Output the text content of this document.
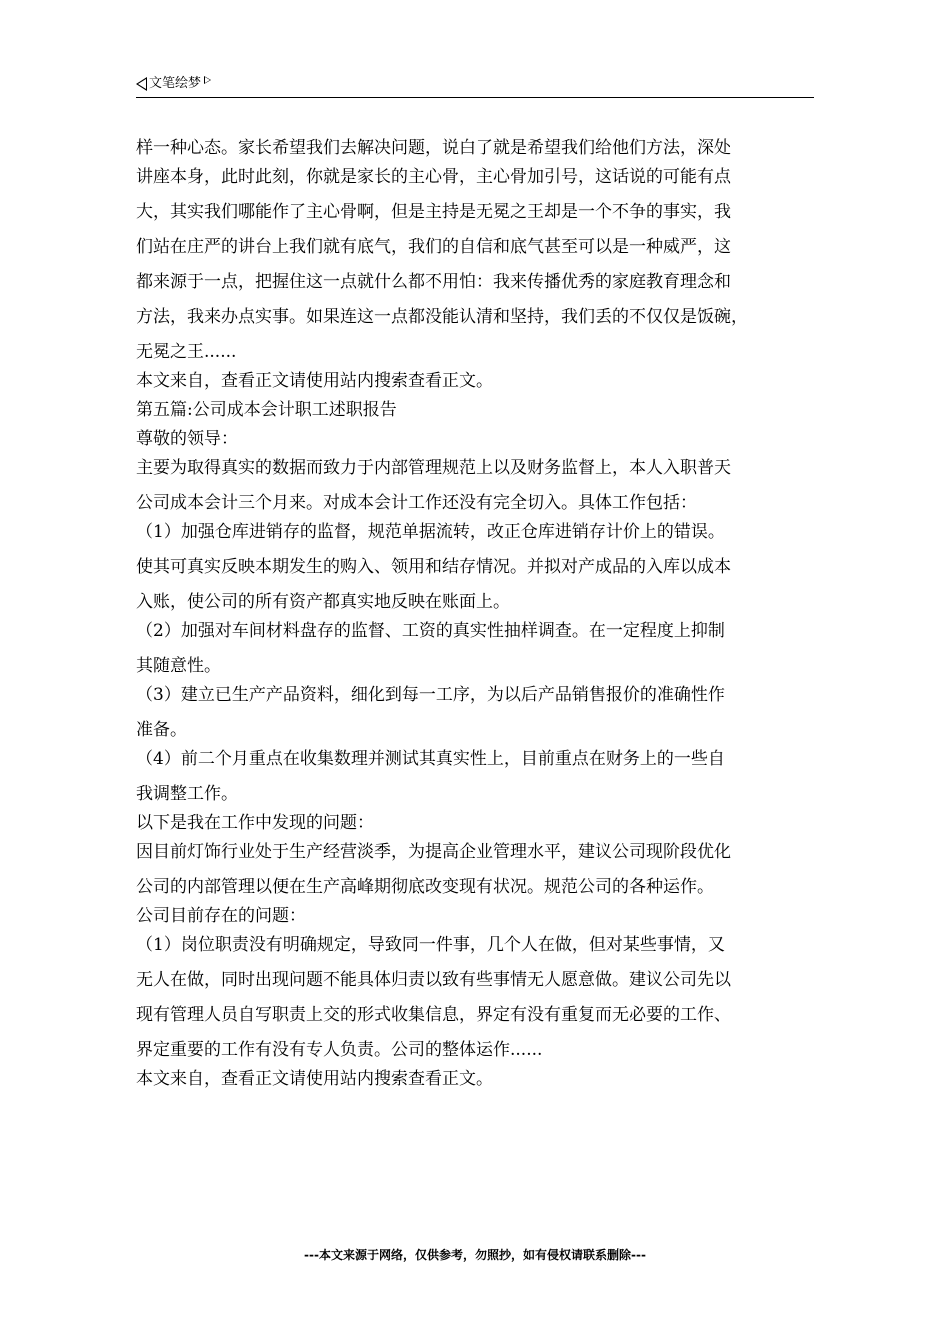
文笔绘梦
样一种心态。家长希望我们去解决问题，说白了就是希望我们给他们方法，深处
讲座本身，此时此刻，你就是家长的主心骨，主心骨加引号，这话说的可能有点
大，其实我们哪能作了主心骨啊，但是主持是无冕之王却是一个不争的事实，我
们站在庄严的讲台上我们就有底气，我们的自信和底气甚至可以是一种威严，这
都来源于一点，把握住这一点就什么都不用怕：我来传播优秀的家庭教育理念和
方法，我来办点实事。如果连这一点都没能认清和坚持，我们丢的不仅仅是饭碗，
无冕之王......
本文来自，查看正文请使用站内搜索查看正文。
第五篇:公司成本会计职工述职报告
尊敬的领导：
主要为取得真实的数据而致力于内部管理规范上以及财务监督上，本人入职普天
公司成本会计三个月来。对成本会计工作还没有完全切入。具体工作包括：
（1）加强仓库进销存的监督，规范单据流转，改正仓库进销存计价上的错误。
使其可真实反映本期发生的购入、领用和结存情况。并拟对产成品的入库以成本
入账，使公司的所有资产都真实地反映在账面上。
（2）加强对车间材料盘存的监督、工资的真实性抽样调查。在一定程度上抑制
其随意性。
（3）建立已生产产品资料，细化到每一工序，为以后产品销售报价的准确性作
准备。
（4）前二个月重点在收集数理并测试其真实性上，目前重点在财务上的一些自
我调整工作。
以下是我在工作中发现的问题：
因目前灯饰行业处于生产经营淡季，为提高企业管理水平，建议公司现阶段优化
公司的内部管理以便在生产高峰期彻底改变现有状况。规范公司的各种运作。
公司目前存在的问题：
（1）岗位职责没有明确规定，导致同一件事，几个人在做，但对某些事情，又
无人在做，同时出现问题不能具体归责以致有些事情无人愿意做。建议公司先以
现有管理人员自写职责上交的形式收集信息，界定有没有重复而无必要的工作、
界定重要的工作有没有专人负责。公司的整体运作......
本文来自，查看正文请使用站内搜索查看正文。
---本文来源于网络，仅供参考，勿照抄，如有侵权请联系删除---
